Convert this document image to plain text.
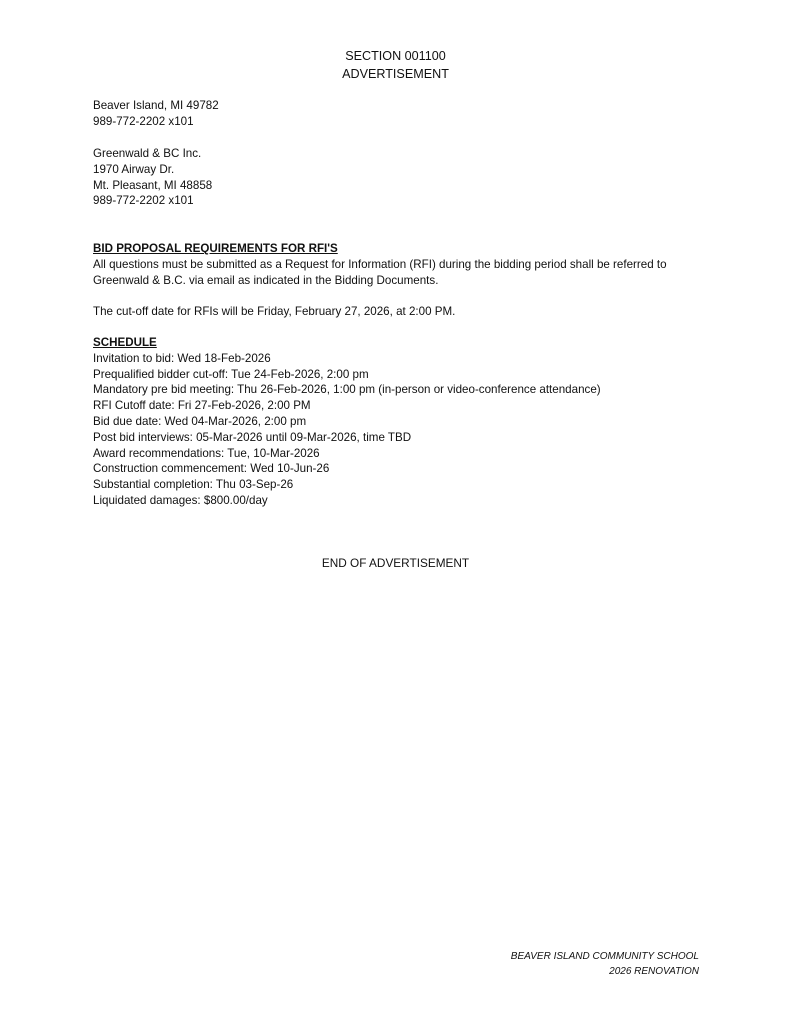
SECTION 001100
ADVERTISEMENT
Beaver Island, MI 49782
989-772-2202 x101
Greenwald & BC Inc.
1970 Airway Dr.
Mt. Pleasant, MI 48858
989-772-2202 x101
BID PROPOSAL REQUIREMENTS FOR RFI'S
All questions must be submitted as a Request for Information (RFI) during the bidding period shall be referred to Greenwald & B.C. via email as indicated in the Bidding Documents.
The cut-off date for RFIs will be Friday, February 27, 2026, at 2:00 PM.
SCHEDULE
Invitation to bid: Wed 18-Feb-2026
Prequalified bidder cut-off: Tue 24-Feb-2026, 2:00 pm
Mandatory pre bid meeting: Thu 26-Feb-2026, 1:00 pm (in-person or video-conference attendance)
RFI Cutoff date: Fri 27-Feb-2026, 2:00 PM
Bid due date: Wed 04-Mar-2026, 2:00 pm
Post bid interviews: 05-Mar-2026 until 09-Mar-2026, time TBD
Award recommendations: Tue, 10-Mar-2026
Construction commencement: Wed 10-Jun-26
Substantial completion: Thu 03-Sep-26
Liquidated damages: $800.00/day
END OF ADVERTISEMENT
BEAVER ISLAND COMMUNITY SCHOOL
2026 RENOVATION
